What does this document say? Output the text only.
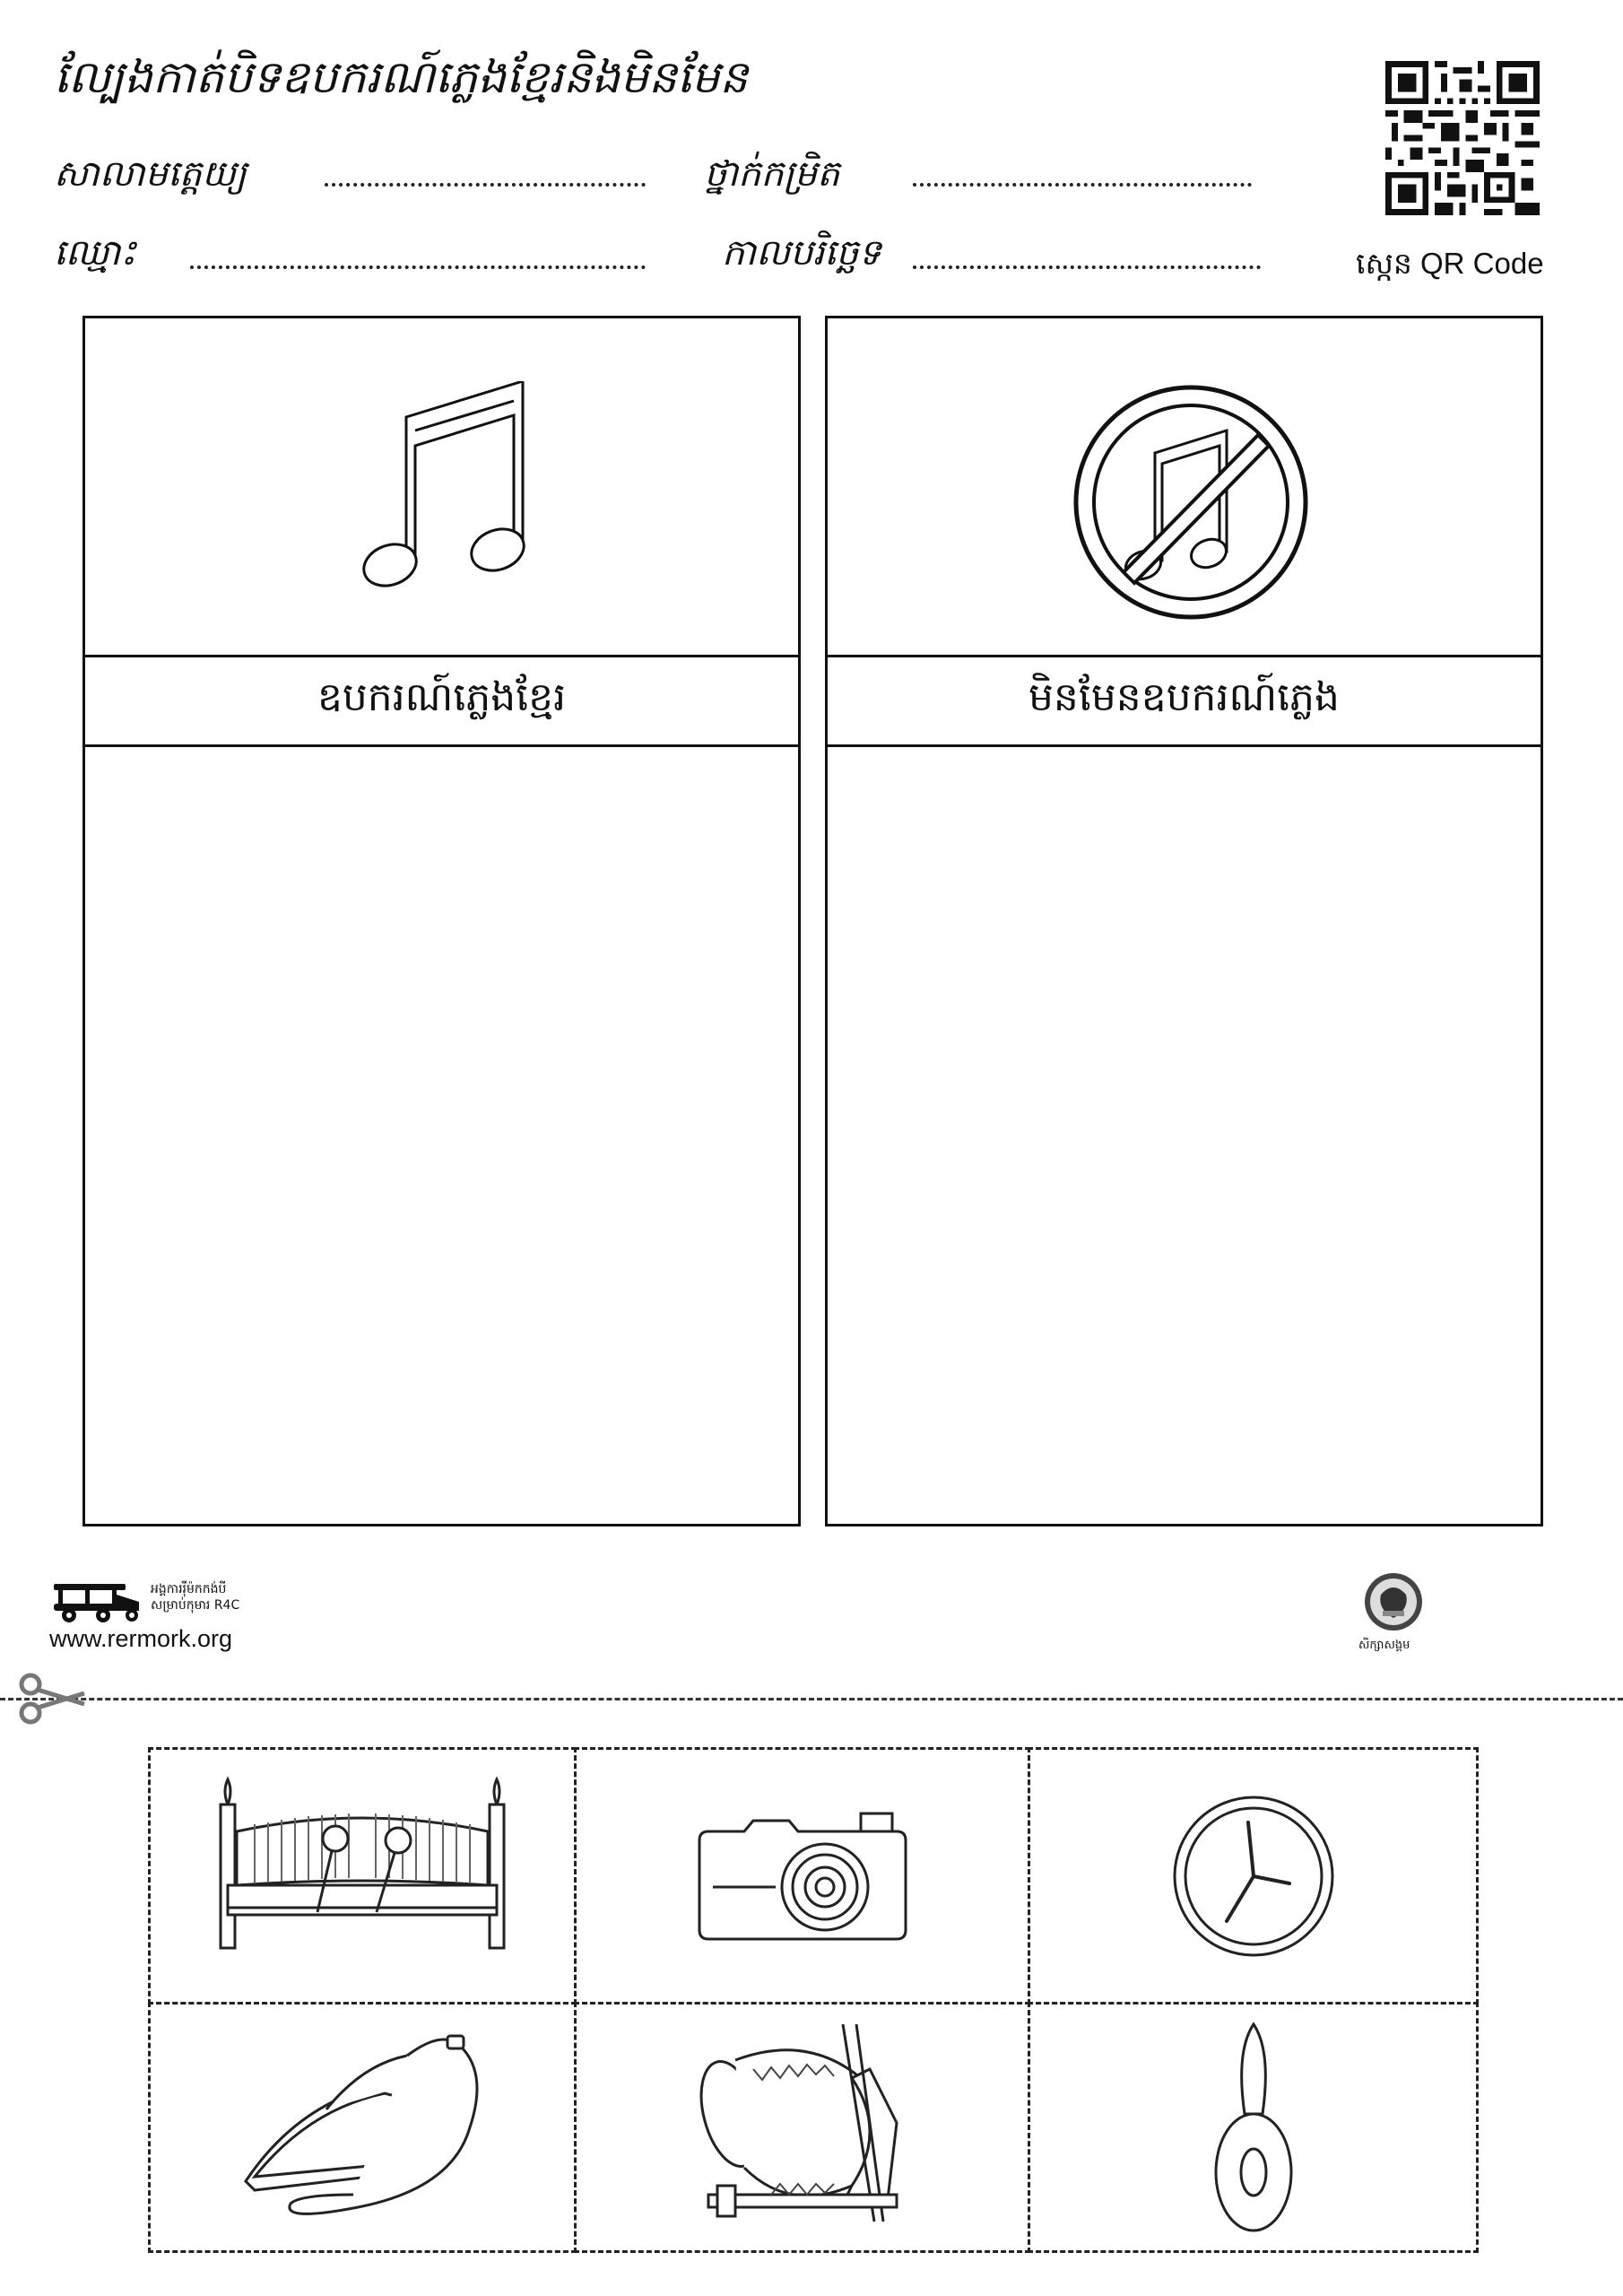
ល្បែងកាត់បិទឧបករណ៍ភ្លេងខ្មែរនិងមិនមែន
សាលាមត្តេយ្យ	ថ្នាក់កម្រិត
ឈ្មោះ	កាលបរិច្ឆេទ	ស្កេន QR Code
ឧបករណ៍ភ្លេងខ្មែរ	មិនមែនឧបករណ៍ភ្លេង
អង្គការរ៉ឺម៉កកង់បី
សម្រាប់កុមារ R4C
www.rermork.org	សិក្សាសង្គម
